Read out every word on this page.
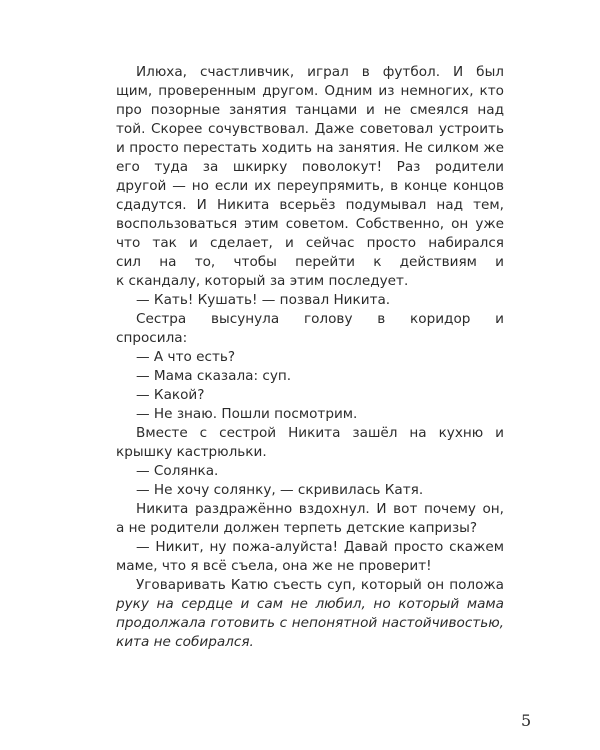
Илюха, счастливчик, играл в футбол. И был
щим, проверенным другом. Одним из немногих, кто
про позорные занятия танцами и не смеялся над
той. Скорее сочувствовал. Даже советовал устроить
и просто перестать ходить на занятия. Не силком же
его туда за шкирку поволокут! Раз родители
другой — но если их переупрямить, в конце концов
сдадутся. И Никита всерьёз подумывал над тем,
воспользоваться этим советом. Собственно, он уже
что так и сделает, и сейчас просто набирался
сил на то, чтобы перейти к действиям и
к скандалу, который за этим последует.
— Кать! Кушать! — позвал Никита.
Сестра высунула голову в коридор и
спросила:
— А что есть?
— Мама сказала: суп.
— Какой?
— Не знаю. Пошли посмотрим.
Вместе с сестрой Никита зашёл на кухню и
крышку кастрюльки.
— Солянка.
— Не хочу солянку, — скривилась Катя.
Никита раздражённо вздохнул. И вот почему он,
а не родители должен терпеть детские капризы?
— Никит, ну пожа-алуйста! Давай просто скажем
маме, что я всё съела, она же не проверит!
Уговаривать Катю съесть суп, который он положа
руку на сердце и сам не любил, но который мама
продолжала готовить с непонятной настойчивостью,
кита не собирался.
5
